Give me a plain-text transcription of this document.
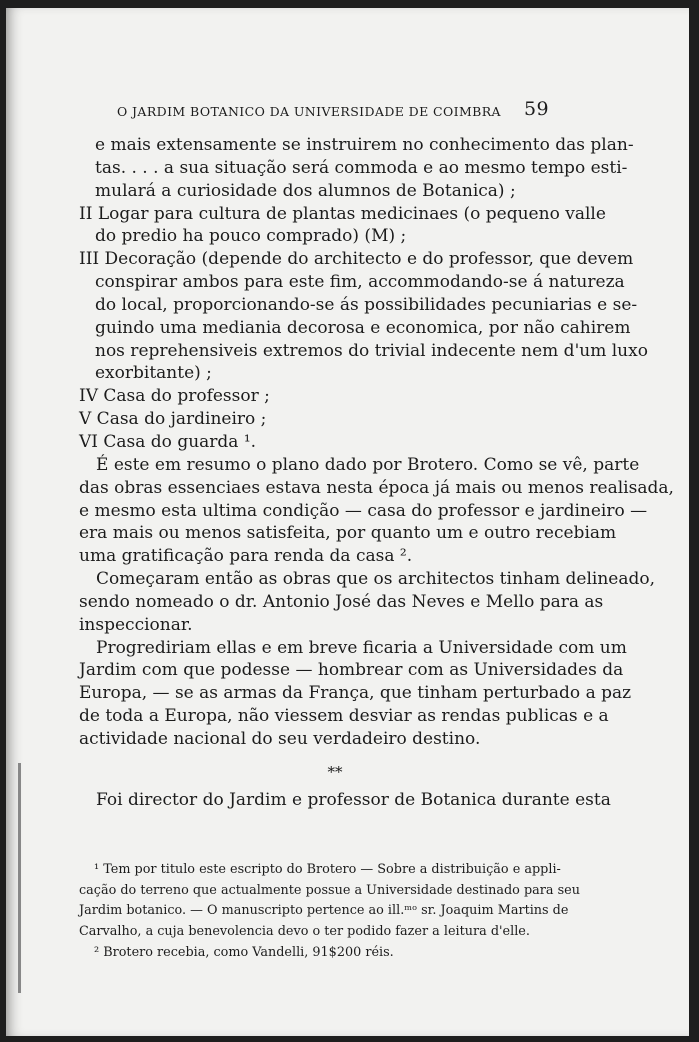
O JARDIM BOTANICO DA UNIVERSIDADE DE COIMBRA 59
e mais extensamente se instruirem no conhecimento das plan-
tas. . . . a sua situação será commoda e ao mesmo tempo esti-
mulará a curiosidade dos alumnos de Botanica) ;
II Logar para cultura de plantas medicinaes (o pequeno valle
do predio ha pouco comprado) (M) ;
III Decoração (depende do architecto e do professor, que devem
conspirar ambos para este fim, accommodando-se á natureza
do local, proporcionando-se ás possibilidades pecuniarias e se-
guindo uma mediania decorosa e economica, por não cahirem
nos reprehensiveis extremos do trivial indecente nem d'um luxo
exorbitante) ;
IV Casa do professor ;
V Casa do jardineiro ;
VI Casa do guarda ¹.
É este em resumo o plano dado por Brotero. Como se vê, parte
das obras essenciaes estava nesta época já mais ou menos realisada,
e mesmo esta ultima condição — casa do professor e jardineiro —
era mais ou menos satisfeita, por quanto um e outro recebiam
uma gratificação para renda da casa ².
Começaram então as obras que os architectos tinham delineado,
sendo nomeado o dr. Antonio José das Neves e Mello para as
inspeccionar.
Progrediriam ellas e em breve ficaria a Universidade com um
Jardim com que podesse — hombrear com as Universidades da
Europa, — se as armas da França, que tinham perturbado a paz
de toda a Europa, não viessem desviar as rendas publicas e a
actividade nacional do seu verdadeiro destino.
**
Foi director do Jardim e professor de Botanica durante esta
¹ Tem por titulo este escripto do Brotero — Sobre a distribuição e appli-
cação do terreno que actualmente possue a Universidade destinado para seu
Jardim botanico. — O manuscripto pertence ao ill.ᵐᵒ sr. Joaquim Martins de
Carvalho, a cuja benevolencia devo o ter podido fazer a leitura d'elle.
² Brotero recebia, como Vandelli, 91$200 réis.
